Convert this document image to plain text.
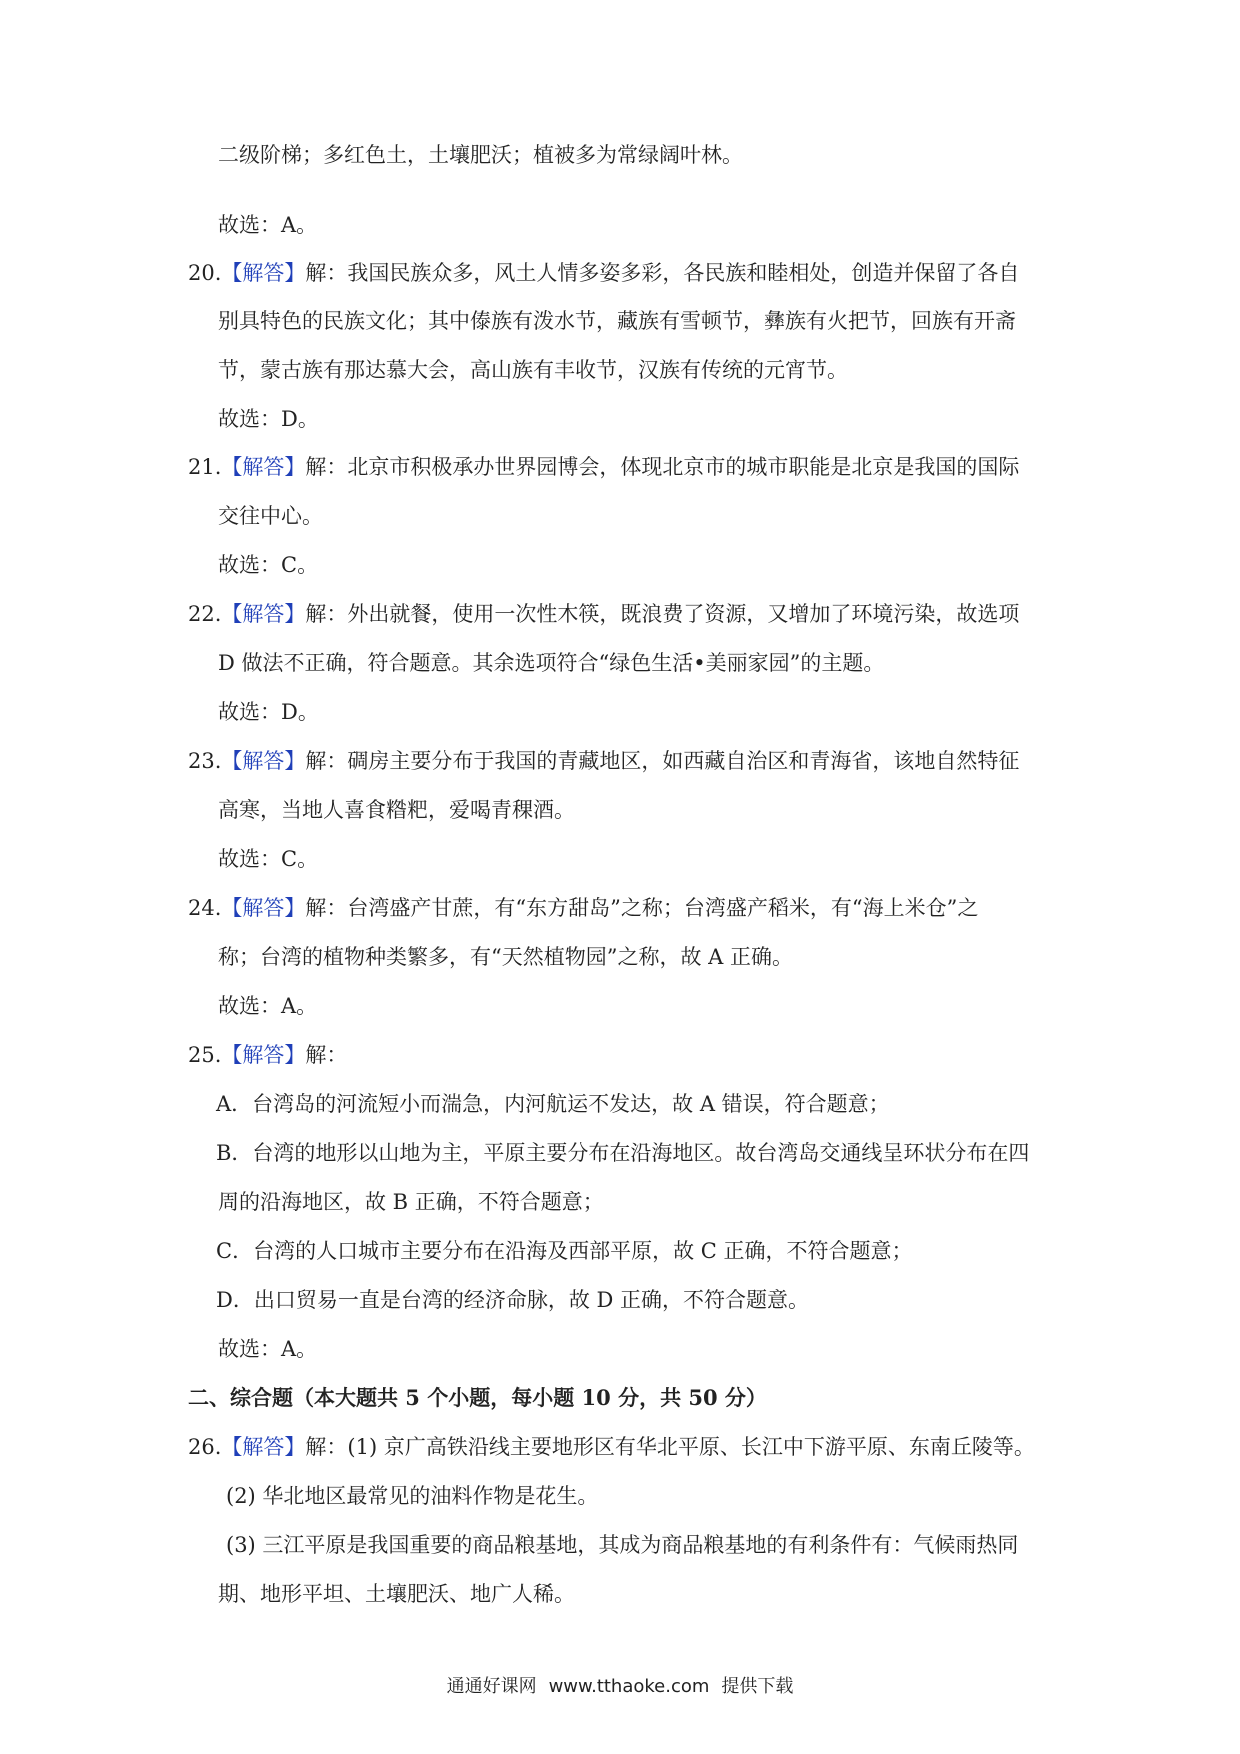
二级阶梯；多红色土，土壤肥沃；植被多为常绿阔叶林。
故选：A。
20.【解答】解：我国民族众多，风土人情多姿多彩，各民族和睦相处，创造并保留了各自
别具特色的民族文化；其中傣族有泼水节，藏族有雪顿节，彝族有火把节，回族有开斋
节，蒙古族有那达慕大会，高山族有丰收节，汉族有传统的元宵节。
故选：D。
21.【解答】解：北京市积极承办世界园博会，体现北京市的城市职能是北京是我国的国际
交往中心。
故选：C。
22.【解答】解：外出就餐，使用一次性木筷，既浪费了资源，又增加了环境污染，故选项
D 做法不正确，符合题意。其余选项符合“绿色生活•美丽家园”的主题。
故选：D。
23.【解答】解：碉房主要分布于我国的青藏地区，如西藏自治区和青海省，该地自然特征
高寒，当地人喜食糌粑，爱喝青稞酒。
故选：C。
24.【解答】解：台湾盛产甘蔗，有“东方甜岛”之称；台湾盛产稻米，有“海上米仓”之
称；台湾的植物种类繁多，有“天然植物园”之称，故 A 正确。
故选：A。
25.【解答】解：
A．台湾岛的河流短小而湍急，内河航运不发达，故 A 错误，符合题意；
B．台湾的地形以山地为主，平原主要分布在沿海地区。故台湾岛交通线呈环状分布在四
周的沿海地区，故 B 正确，不符合题意；
C．台湾的人口城市主要分布在沿海及西部平原，故 C 正确，不符合题意；
D．出口贸易一直是台湾的经济命脉，故 D 正确，不符合题意。
故选：A。
二、综合题（本大题共 5 个小题，每小题 10 分，共 50 分）
26.【解答】解：(1) 京广高铁沿线主要地形区有华北平原、长江中下游平原、东南丘陵等。
(2) 华北地区最常见的油料作物是花生。
(3) 三江平原是我国重要的商品粮基地，其成为商品粮基地的有利条件有：气候雨热同
期、地形平坦、土壤肥沃、地广人稀。
通通好课网 www.tthaoke.com 提供下载
